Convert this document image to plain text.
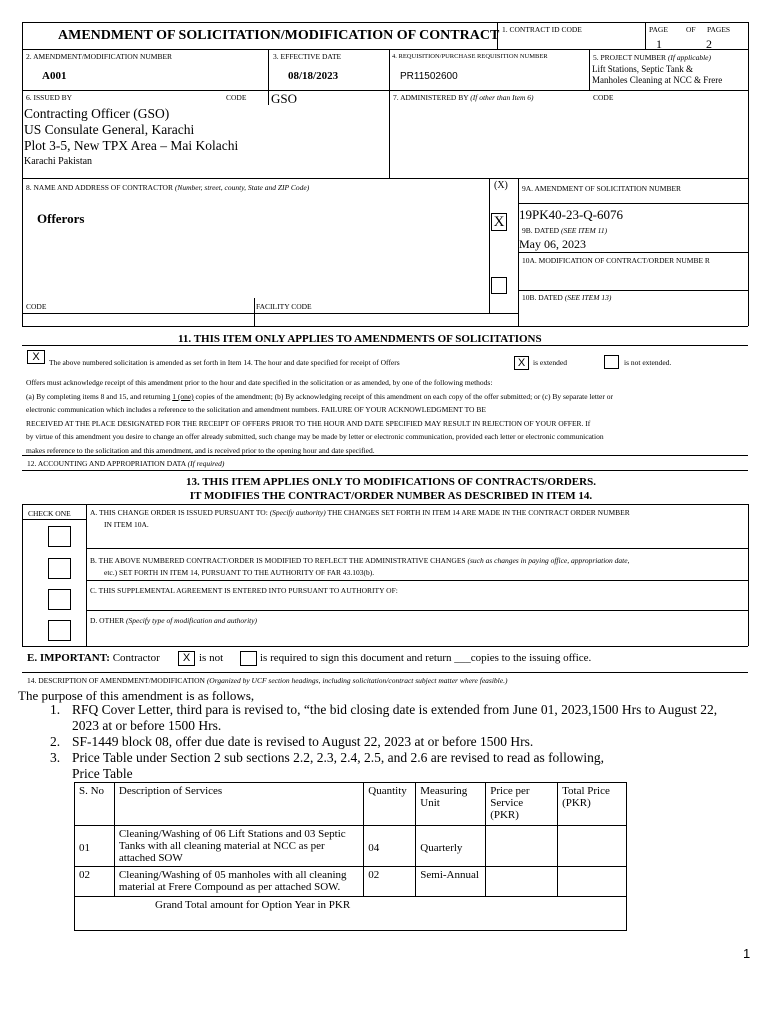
AMENDMENT OF SOLICITATION/MODIFICATION OF CONTRACT 1. CONTRACT ID CODE	PAGE OF PAGES
1	2
2. AMENDMENT/MODIFICATION NUMBER
A001
3. EFFECTIVE DATE
08/18/2023
4. REQUISITION/PURCHASE REQUISITION NUMBER
PR11502600
5. PROJECT NUMBER (If applicable)
Lift Stations, Septic Tank &
Manholes Cleaning at NCC & Frere
6. ISSUED BY	CODE GSO
Contracting Officer (GSO)
US Consulate General, Karachi
Plot 3-5, New TPX Area – Mai Kolachi
Karachi Pakistan
7. ADMINISTERED BY (If other than Item 6)	CODE
8. NAME AND ADDRESS OF CONTRACTOR (Number, street, county, State and ZIP Code)
Offerors
(X) 9A. AMENDMENT OF SOLICITATION NUMBER
X 19PK40-23-Q-6076
9B. DATED (SEE ITEM 11)
May 06, 2023
10A. MODIFICATION OF CONTRACT/ORDER NUMBE R
10B. DATED (SEE ITEM 13)
CODE	FACILITY CODE
11. THIS ITEM ONLY APPLIES TO AMENDMENTS OF SOLICITATIONS
X	The above numbered solicitation is amended as set forth in Item 14. The hour and date specified for receipt of Offers	X	is extended	is not extended.
Offers must acknowledge receipt of this amendment prior to the hour and date specified in the solicitation or as amended, by one of the following methods:
(a) By completing items 8 and 15, and returning 1 (one) copies of the amendment; (b) By acknowledging receipt of this amendment on each copy of the offer submitted; or (c) By separate letter or
electronic communication which includes a reference to the solicitation and amendment numbers. FAILURE OF YOUR ACKNOWLEDGMENT TO BE
RECEIVED AT THE PLACE DESIGNATED FOR THE RECEIPT OF OFFERS PRIOR TO THE HOUR AND DATE SPECIFIED MAY RESULT IN REJECTION OF YOUR OFFER. If
by virtue of this amendment you desire to change an offer already submitted, such change may be made by letter or electronic communication, provided each letter or electronic communication
makes reference to the solicitation and this amendment, and is received prior to the opening hour and date specified.
12. ACCOUNTING AND APPROPRIATION DATA (If required)
13. THIS ITEM APPLIES ONLY TO MODIFICATIONS OF CONTRACTS/ORDERS.
IT MODIFIES THE CONTRACT/ORDER NUMBER AS DESCRIBED IN ITEM 14.
CHECK ONE	A. THIS CHANGE ORDER IS ISSUED PURSUANT TO: (Specify authority) THE CHANGES SET FORTH IN ITEM 14 ARE MADE IN THE CONTRACT ORDER NUMBER
IN ITEM 10A.
B. THE ABOVE NUMBERED CONTRACT/ORDER IS MODIFIED TO REFLECT THE ADMINISTRATIVE CHANGES (such as changes in paying office, appropriation date,
etc.) SET FORTH IN ITEM 14, PURSUANT TO THE AUTHORITY OF FAR 43.103(b).
C. THIS SUPPLEMENTAL AGREEMENT IS ENTERED INTO PURSUANT TO AUTHORITY OF:
D. OTHER (Specify type of modification and authority)
E. IMPORTANT: Contractor	X is not	is required to sign this document and return ___copies to the issuing office.
14. DESCRIPTION OF AMENDMENT/MODIFICATION (Organized by UCF section headings, including solicitation/contract subject matter where feasible.)
The purpose of this amendment is as follows,
1. RFQ Cover Letter, third para is revised to, “the bid closing date is extended from June 01, 2023,1500 Hrs to August 22,
2023 at or before 1500 Hrs.
2. SF-1449 block 08, offer due date is revised to August 22, 2023 at or before 1500 Hrs.
3. Price Table under Section 2 sub sections 2.2, 2.3, 2.4, 2.5, and 2.6 are revised to read as following,
Price Table
S. No	Description of Services	Quantity	Measuring Unit	Price per Service (PKR)	Total Price (PKR)
01	Cleaning/Washing of 06 Lift Stations and 03 Septic Tanks with all cleaning material at NCC as per attached SOW	04	Quarterly		
02	Cleaning/Washing of 05 manholes with all cleaning material at Frere Compound as per attached SOW.	02	Semi-Annual		
Grand Total amount for Option Year in PKR					
1
